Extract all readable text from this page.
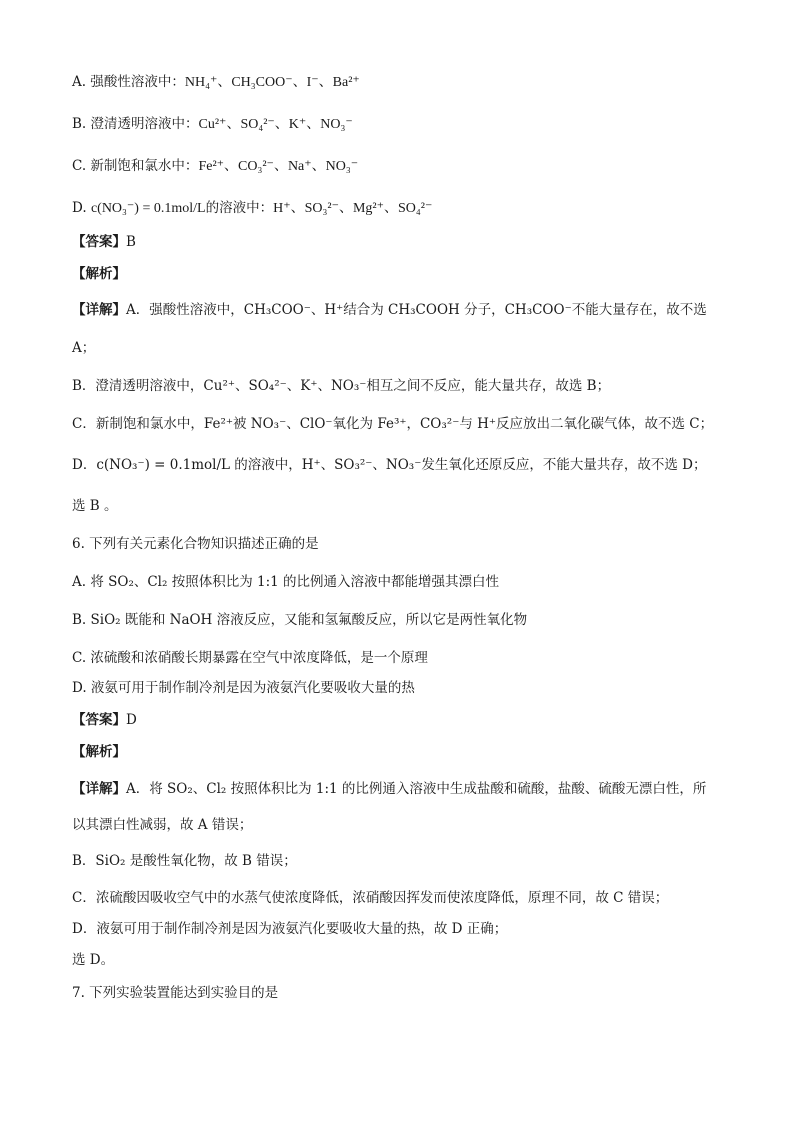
A. 强酸性溶液中：NH₄⁺、CH₃COO⁻、I⁻、Ba²⁺
B. 澄清透明溶液中：Cu²⁺、SO₄²⁻、K⁺、NO₃⁻
C. 新制饱和氯水中：Fe²⁺、CO₃²⁻、Na⁺、NO₃⁻
D. c(NO₃⁻) = 0.1mol/L的溶液中：H⁺、SO₃²⁻、Mg²⁺、SO₄²⁻
【答案】B
【解析】
【详解】A．强酸性溶液中，CH₃COO⁻、H⁺结合为 CH₃COOH 分子，CH₃COO⁻不能大量存在，故不选
A；
B．澄清透明溶液中，Cu²⁺、SO₄²⁻、K⁺、NO₃⁻相互之间不反应，能大量共存，故选 B；
C．新制饱和氯水中，Fe²⁺被 NO₃⁻、ClO⁻氧化为 Fe³⁺，CO₃²⁻与 H⁺反应放出二氧化碳气体，故不选 C；
D．c(NO₃⁻) = 0.1mol/L 的溶液中，H⁺、SO₃²⁻、NO₃⁻发生氧化还原反应，不能大量共存，故不选 D；
选 B 。
6. 下列有关元素化合物知识描述正确的是
A. 将 SO₂、Cl₂ 按照体积比为 1:1 的比例通入溶液中都能增强其漂白性
B. SiO₂ 既能和 NaOH 溶液反应，又能和氢氟酸反应，所以它是两性氧化物
C. 浓硫酸和浓硝酸长期暴露在空气中浓度降低，是一个原理
D. 液氨可用于制作制冷剂是因为液氨汽化要吸收大量的热
【答案】D
【解析】
【详解】A．将 SO₂、Cl₂ 按照体积比为 1:1 的比例通入溶液中生成盐酸和硫酸，盐酸、硫酸无漂白性，所
以其漂白性减弱，故 A 错误；
B．SiO₂ 是酸性氧化物，故 B 错误；
C．浓硫酸因吸收空气中的水蒸气使浓度降低，浓硝酸因挥发而使浓度降低，原理不同，故 C 错误；
D．液氨可用于制作制冷剂是因为液氨汽化要吸收大量的热，故 D 正确；
选 D。
7. 下列实验装置能达到实验目的是
